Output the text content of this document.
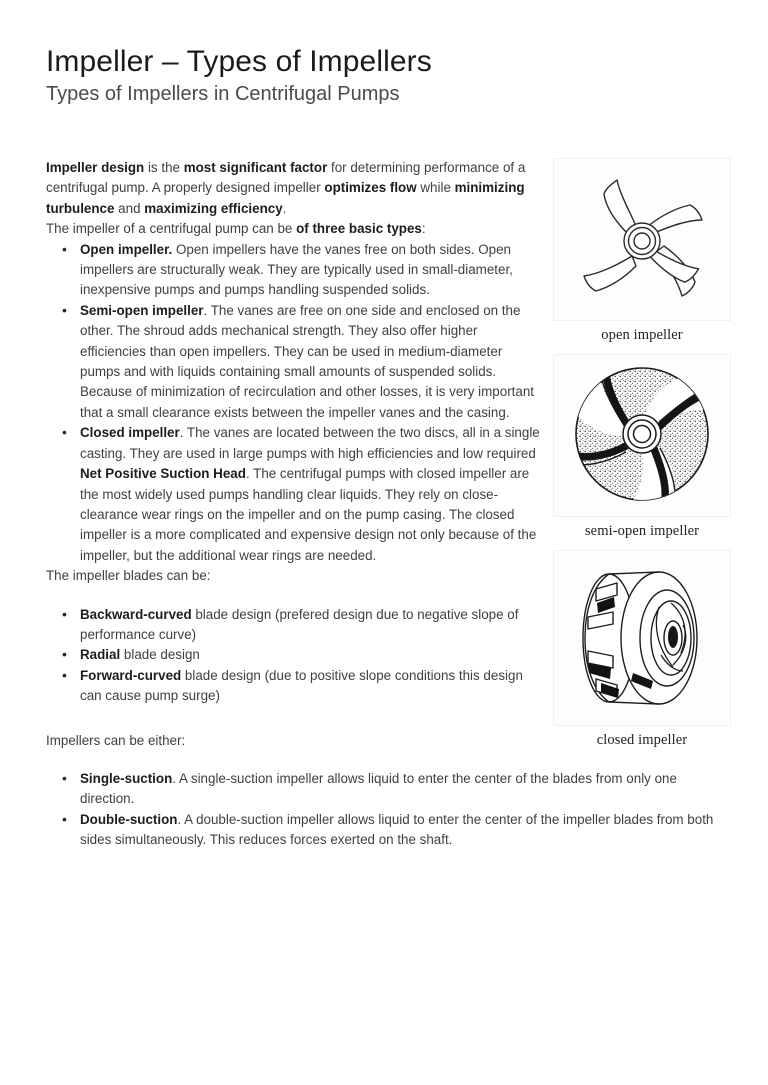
Impeller – Types of Impellers
Types of Impellers in Centrifugal Pumps
open impeller
semi-open impeller
closed impeller

Impeller design is the most significant factor for determining performance of a centrifugal pump. A properly designed impeller optimizes flow while minimizing turbulence and maximizing efficiency.

The impeller of a centrifugal pump can be of three basic types:

• Open impeller. Open impellers have the vanes free on both sides. Open impellers are structurally weak. They are typically used in small-diameter, inexpensive pumps and pumps handling suspended solids.
• Semi-open impeller. The vanes are free on one side and enclosed on the other. The shroud adds mechanical strength. They also offer higher efficiencies than open impellers. They can be used in medium-diameter pumps and with liquids containing small amounts of suspended solids. Because of minimization of recirculation and other losses, it is very important that a small clearance exists between the impeller vanes and the casing.
• Closed impeller. The vanes are located between the two discs, all in a single casting. They are used in large pumps with high efficiencies and low required Net Positive Suction Head. The centrifugal pumps with closed impeller are the most widely used pumps handling clear liquids. They rely on close-clearance wear rings on the impeller and on the pump casing. The closed impeller is a more complicated and expensive design not only because of the impeller, but the additional wear rings are needed.

The impeller blades can be:

• Backward-curved blade design (prefered design due to negative slope of performance curve)
• Radial blade design
• Forward-curved blade design (due to positive slope conditions this design can cause pump surge)

Impellers can be either:

• Single-suction. A single-suction impeller allows liquid to enter the center of the blades from only one direction.
• Double-suction. A double-suction impeller allows liquid to enter the center of the impeller blades from both sides simultaneously. This reduces forces exerted on the shaft.
